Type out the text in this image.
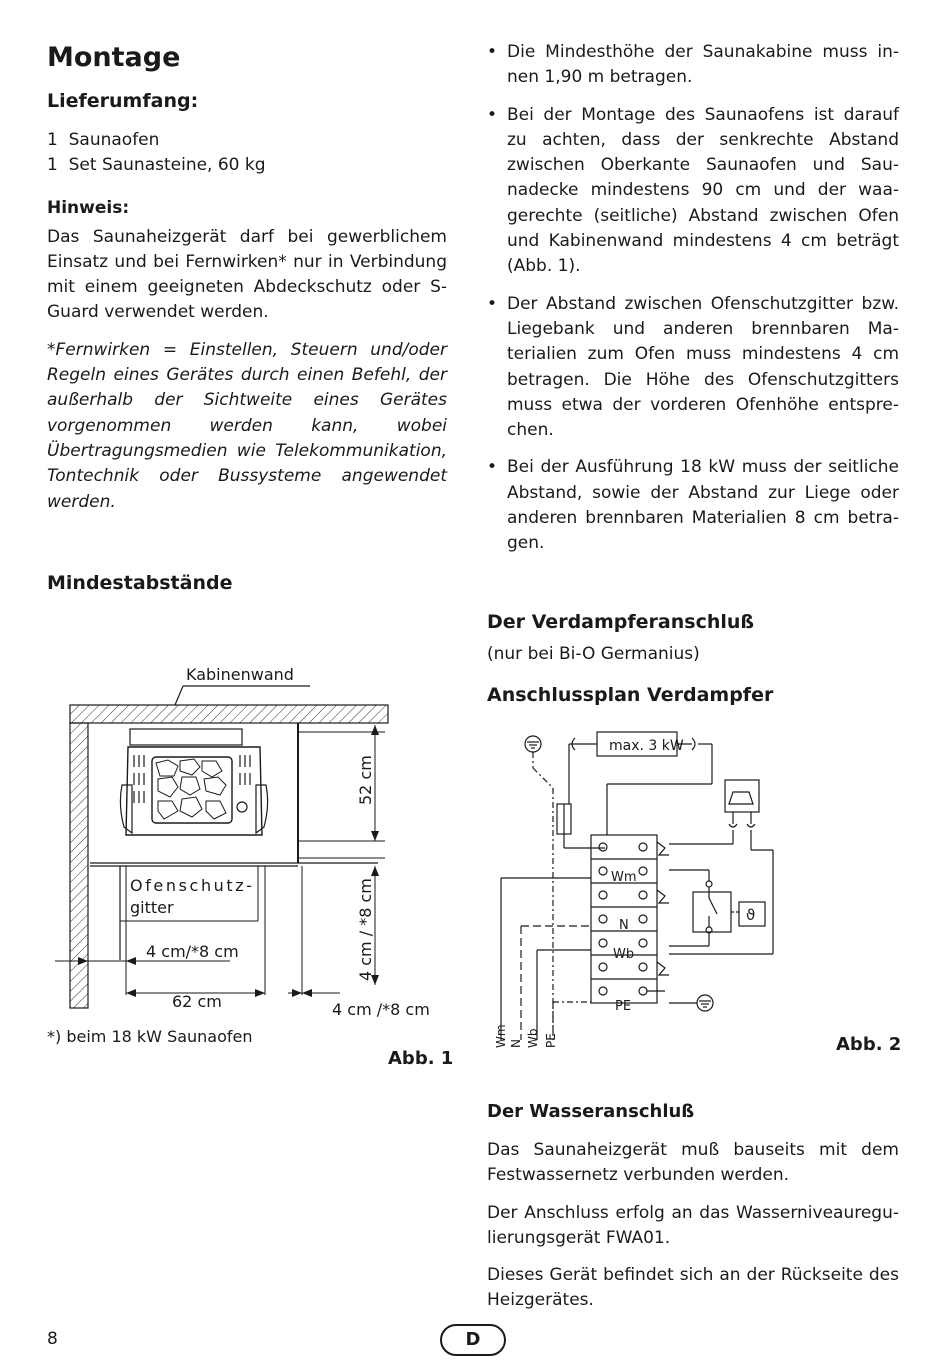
Montage
Lieferumfang:

1  Saunaofen

1  Set Saunasteine, 60 kg

Hinweis:

Das Saunaheizgerät darf bei gewerblichem Einsatz und bei Fernwirken* nur in Verbindung mit einem geeigneten Abdeckschutz oder S-Guard verwendet werden.

*Fernwirken = Einstellen, Steuern und/oder Regeln eines Gerätes durch einen Befehl, der außerhalb der Sichtweite eines Gerätes vorgenommen werden kann, wobei Übertragungsmedien wie Telekommunikation, Tontechnik oder Bussysteme angewendet werden.

Mindestabstände
Kabinenwand
Ofenschutz-
gitter
52 cm
4 cm / *8 cm
4 cm/*8 cm
62 cm	4 cm /*8 cm
*) beim 18 kW Saunaofen
Abb. 1
• Die Mindesthöhe der Saunakabine muss innen 1,90 m betragen.
• Bei der Montage des Saunaofens ist darauf zu achten, dass der senkrechte Abstand zwischen Oberkante Saunaofen und Saunadecke mindestens 90 cm und der waagerechte (seitliche) Abstand zwischen Ofen und Kabinenwand mindestens 4 cm beträgt (Abb. 1).
• Der Abstand zwischen Ofenschutzgitter bzw. Liegebank und anderen brennbaren Materialien zum Ofen muss mindestens 4 cm betragen. Die Höhe des Ofenschutzgitters muss etwa der vorderen Ofenhöhe entsprechen.
• Bei der Ausführung 18 kW muss der seitliche Abstand, sowie der Abstand zur Liege oder anderen brennbaren Materialien 8 cm betragen.
Der Verdampferanschluß

(nur bei Bi-O Germanius)

Anschlussplan Verdampfer
max. 3 kW
Wm
N
Wb
PE
ϑ
Wm N Wb PE	Abb. 2
Der Wasseranschluß

Das Saunaheizgerät muß bauseits mit dem Festwassernetz verbunden werden.

Der Anschluss erfolg an das Wasserniveauregulierungsgerät FWA01.

Dieses Gerät befindet sich an der Rückseite des Heizgerätes.

8	D
